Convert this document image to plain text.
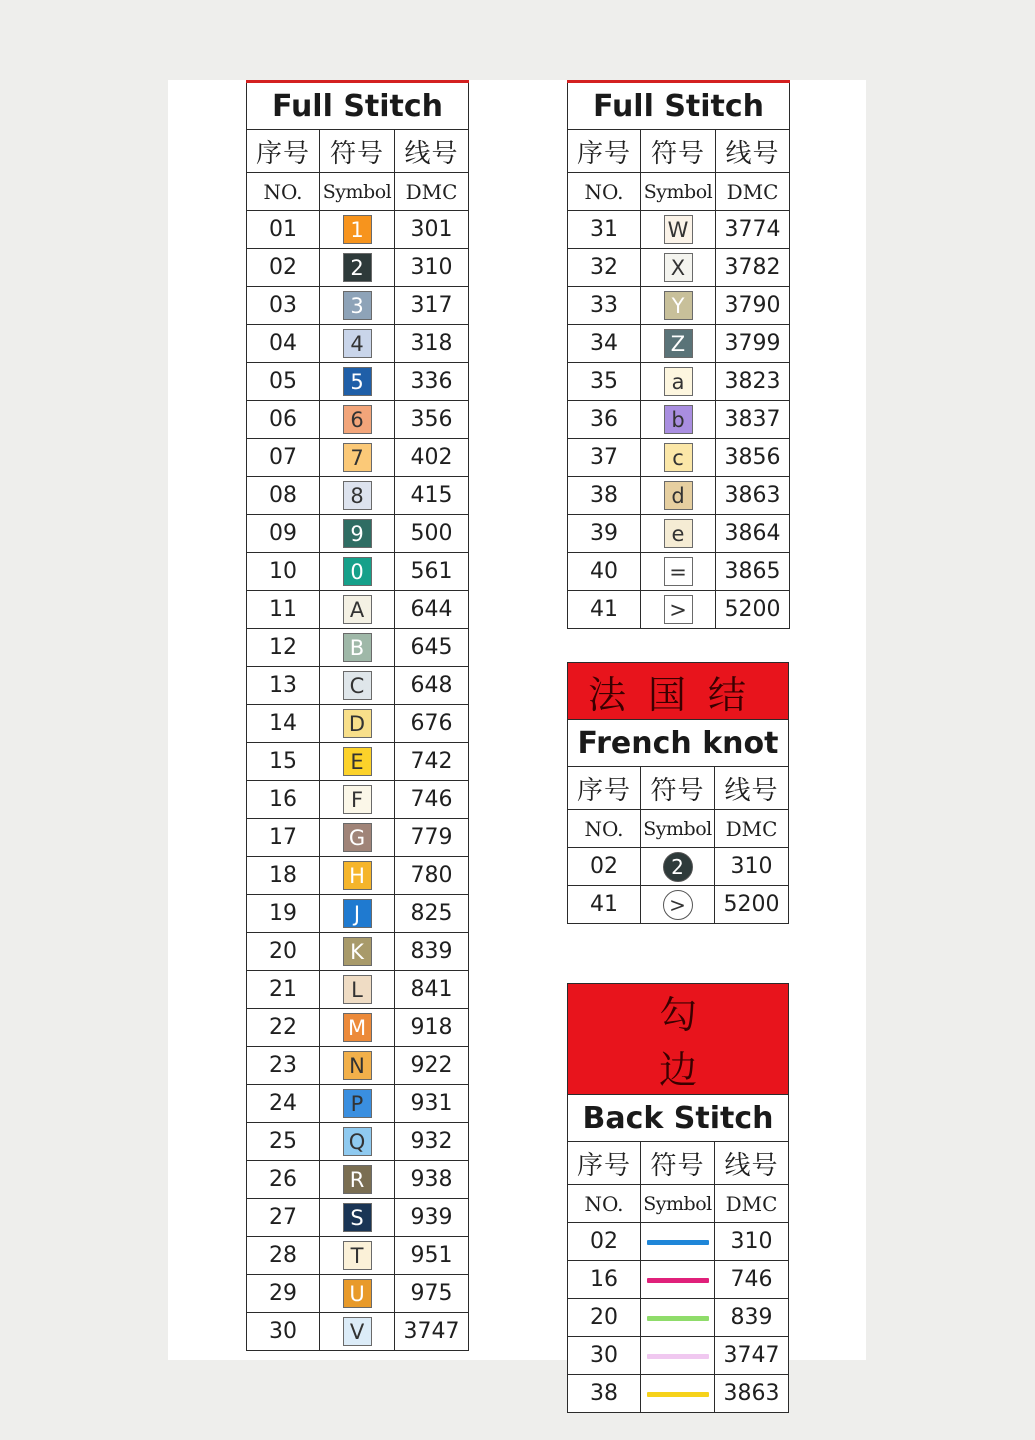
Full Stitch		
序号	符号	线号
NO.	Symbol	DMC
01	1	301
02	2	310
03	3	317
04	4	318
05	5	336
06	6	356
07	7	402
08	8	415
09	9	500
10	0	561
11	A	644
12	B	645
13	C	648
14	D	676
15	E	742
16	F	746
17	G	779
18	H	780
19	J	825
20	K	839
21	L	841
22	M	918
23	N	922
24	P	931
25	Q	932
26	R	938
27	S	939
28	T	951
29	U	975
30	V	3747
Full Stitch		
序号	符号	线号
NO.	Symbol	DMC
31	W	3774
32	X	3782
33	Y	3790
34	Z	3799
35	a	3823
36	b	3837
37	c	3856
38	d	3863
39	e	3864
40	=	3865
41	>	5200
法国结		
French knot		
序号	符号	线号
NO.	Symbol	DMC
02	2	310
41	>	5200
勾边		
Back Stitch		
序号	符号	线号
NO.	Symbol	DMC
02		310
16		746
20		839
30		3747
38		3863
